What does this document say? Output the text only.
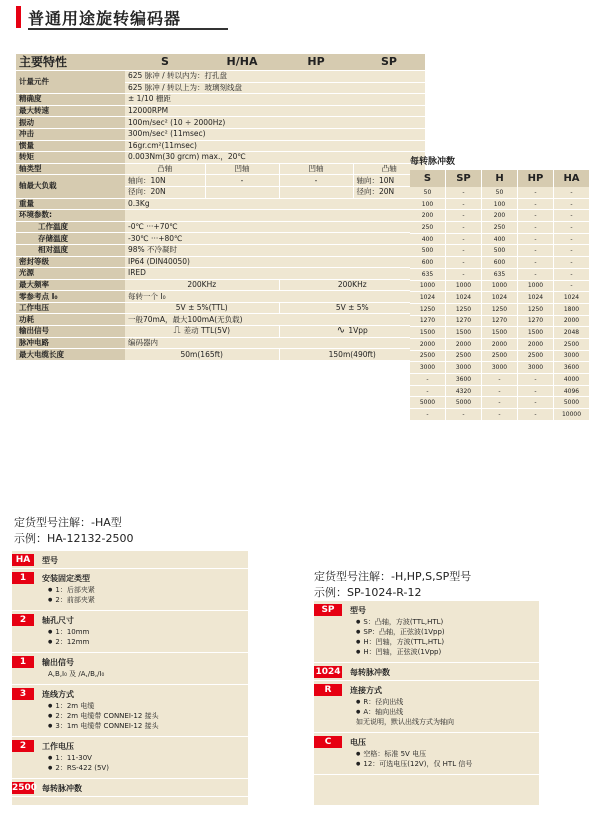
普通用途旋转编码器
主要特性	S	H/HA	HP	SP
计量元件	625 脉冲 / 转以内为：打孔盘			
	625 脉冲 / 转以上为：玻璃刻线盘			
精确度	± 1/10 栅距			
最大转速	12000RPM			
振动	100m/sec² (10 ÷ 2000Hz)			
冲击	300m/sec² (11msec)			
惯量	16gr.cm²(11msec)			
转矩	0.003Nm(30 grcm) max.，20℃			
轴类型	凸轴	凹轴	凹轴	凸轴
轴最大负载	轴向：10N	-	-	轴向：10N
	径向：20N			径向：20N
重量	0.3Kg			
环境参数:				
工作温度	-0℃ ···+70℃			
存储温度	-30℃ ···+80℃			
相对温度	98% 不冷凝时			
密封等级	IP64 (DIN40050)			
光源	IRED			
最大频率	200KHz		200KHz	
零参考点 I₀	每转一个 I₀			
工作电压	5V ± 5%(TTL)		5V ± 5%	
功耗	一般70mA，最大100mA(无负载)			
输出信号	⎍ 差动 TTL(5V)		∿ 1Vpp	
脉冲电路	编码器内			
最大电缆长度	50m(165ft)		150m(490ft)	
每转脉冲数
S	SP	H	HP	HA
50	-	50	-	-
100	-	100	-	-
200	-	200	-	-
250	-	250	-	-
400	-	400	-	-
500	-	500	-	-
600	-	600	-	-
635	-	635	-	-
1000	1000	1000	1000	-
1024	1024	1024	1024	1024
1250	1250	1250	1250	1800
1270	1270	1270	1270	2000
1500	1500	1500	1500	2048
2000	2000	2000	2000	2500
2500	2500	2500	2500	3000
3000	3000	3000	3000	3600
-	3600	-	-	4000
-	4320	-	-	4096
5000	5000	-	-	5000
-	-	-	-	10000
定货型号注解：-HA型
示例：HA-12132-2500
HA	型号
1	安装固定类型
● 1：后部夹紧
● 2：前部夹紧
2	轴孔尺寸
● 1：10mm
● 2：12mm
1	输出信号
A,B,I₀ 及 /A,/B,/I₀
3	连线方式
● 1：2m 电缆
● 2：2m 电缆带 CONNEI-12 接头
● 3：1m 电缆带 CONNEI-12 接头
2	工作电压
● 1：11-30V
● 2：RS-422 (5V)
2500 每转脉冲数
定货型号注解：-H,HP,S,SP型号
示例：SP-1024-R-12
SP	型号
● S：凸轴，方波(TTL,HTL)
● SP：凸轴，正弦波(1Vpp)
● H：凹轴，方波(TTL,HTL)
● H：凹轴，正弦波(1Vpp)
1024 每转脉冲数
R	连接方式
● R：径向出线
● A：轴向出线
如无说明，默认出线方式为轴向
C	电压
● 空格：标准 5V 电压
● 12：可选电压(12V)，仅 HTL 信号
